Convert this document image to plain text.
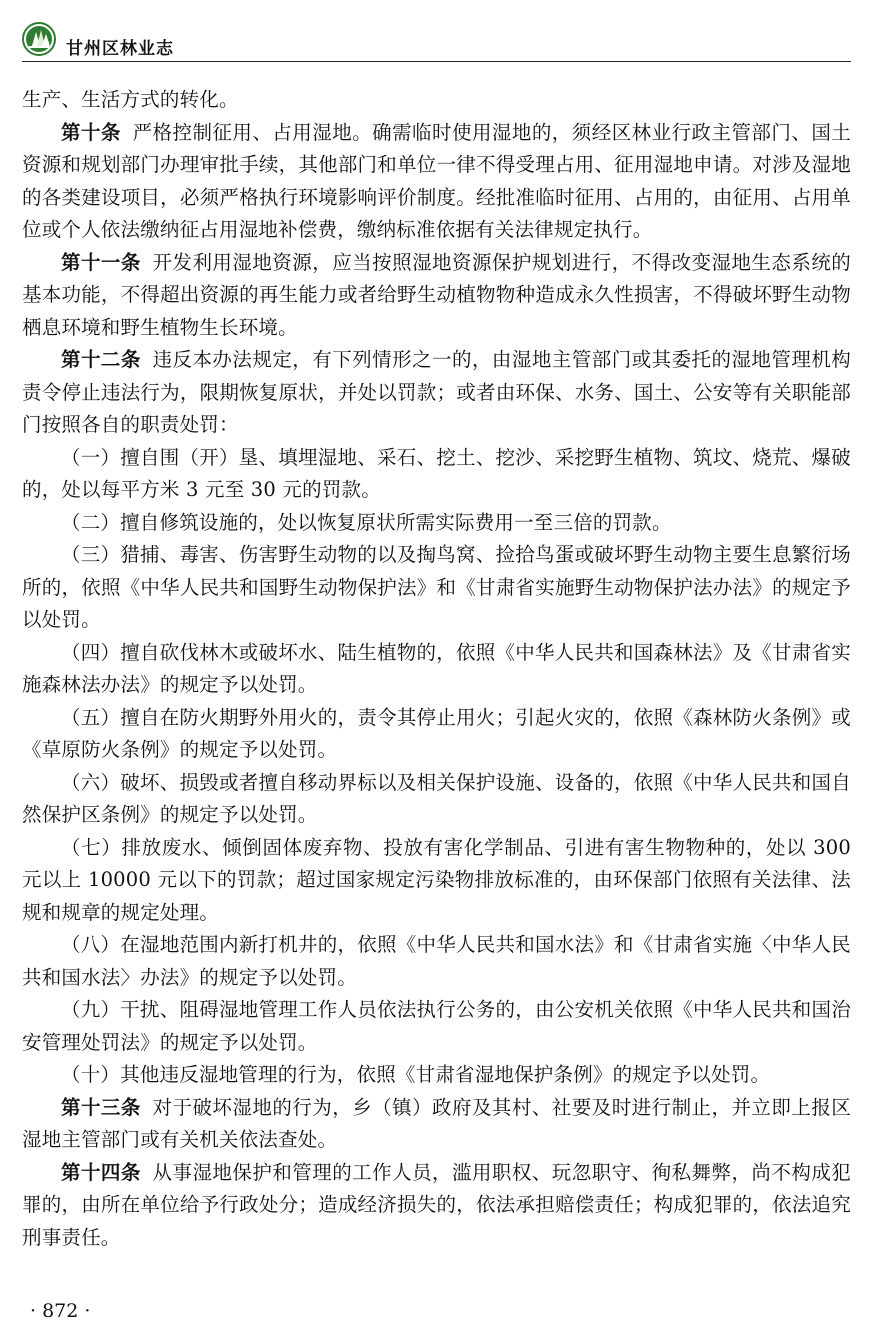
甘州区林业志

生产、生活方式的转化。

第十条 严格控制征用、占用湿地。确需临时使用湿地的，须经区林业行政主管部门、国土资源和规划部门办理审批手续，其他部门和单位一律不得受理占用、征用湿地申请。对涉及湿地的各类建设项目，必须严格执行环境影响评价制度。经批准临时征用、占用的，由征用、占用单位或个人依法缴纳征占用湿地补偿费，缴纳标准依据有关法律规定执行。

第十一条 开发利用湿地资源，应当按照湿地资源保护规划进行，不得改变湿地生态系统的基本功能，不得超出资源的再生能力或者给野生动植物物种造成永久性损害，不得破坏野生动物栖息环境和野生植物生长环境。

第十二条 违反本办法规定，有下列情形之一的，由湿地主管部门或其委托的湿地管理机构责令停止违法行为，限期恢复原状，并处以罚款；或者由环保、水务、国土、公安等有关职能部门按照各自的职责处罚：

（一）擅自围（开）垦、填埋湿地、采石、挖土、挖沙、采挖野生植物、筑坟、烧荒、爆破的，处以每平方米 3 元至 30 元的罚款。

（二）擅自修筑设施的，处以恢复原状所需实际费用一至三倍的罚款。

（三）猎捕、毒害、伤害野生动物的以及掏鸟窝、捡拾鸟蛋或破坏野生动物主要生息繁衍场所的，依照《中华人民共和国野生动物保护法》和《甘肃省实施野生动物保护法办法》的规定予以处罚。

（四）擅自砍伐林木或破坏水、陆生植物的，依照《中华人民共和国森林法》及《甘肃省实施森林法办法》的规定予以处罚。

（五）擅自在防火期野外用火的，责令其停止用火；引起火灾的，依照《森林防火条例》或《草原防火条例》的规定予以处罚。

（六）破坏、损毁或者擅自移动界标以及相关保护设施、设备的，依照《中华人民共和国自然保护区条例》的规定予以处罚。

（七）排放废水、倾倒固体废弃物、投放有害化学制品、引进有害生物物种的，处以 300 元以上 10000 元以下的罚款；超过国家规定污染物排放标准的，由环保部门依照有关法律、法规和规章的规定处理。

（八）在湿地范围内新打机井的，依照《中华人民共和国水法》和《甘肃省实施〈中华人民共和国水法〉办法》的规定予以处罚。

（九）干扰、阻碍湿地管理工作人员依法执行公务的，由公安机关依照《中华人民共和国治安管理处罚法》的规定予以处罚。

（十）其他违反湿地管理的行为，依照《甘肃省湿地保护条例》的规定予以处罚。

第十三条 对于破坏湿地的行为，乡（镇）政府及其村、社要及时进行制止，并立即上报区湿地主管部门或有关机关依法查处。

第十四条 从事湿地保护和管理的工作人员，滥用职权、玩忽职守、徇私舞弊，尚不构成犯罪的，由所在单位给予行政处分；造成经济损失的，依法承担赔偿责任；构成犯罪的，依法追究刑事责任。

· 872 ·
